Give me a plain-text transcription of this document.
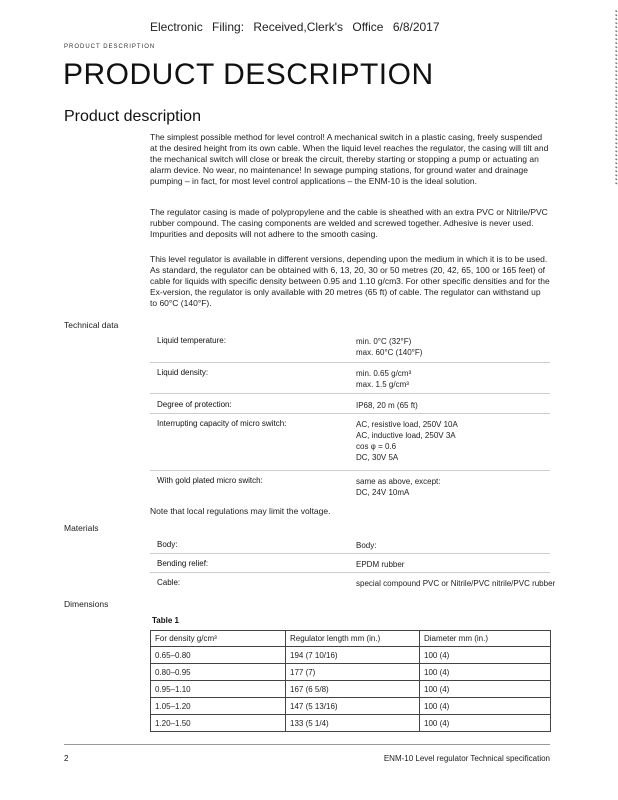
Electronic Filing: Received,Clerk's Office 6/8/2017	* * * * * * * * * * * * * * * * * * * * * * * * * * * * * * * * * * * * * * * * * * * *
PRODUCT DESCRIPTION
PRODUCT DESCRIPTION
Product description
The simplest possible method for level control! A mechanical switch in a plastic casing, freely suspended at the desired height from its own cable. When the liquid level reaches the regulator, the casing will tilt and the mechanical switch will close or break the circuit, thereby starting or stopping a pump or actuating an alarm device. No wear, no maintenance! In sewage pumping stations, for ground water and drainage pumping – in fact, for most level control applications – the ENM-10 is the ideal solution.
The regulator casing is made of polypropylene and the cable is sheathed with an extra PVC or Nitrile/PVC rubber compound. The casing components are welded and screwed together. Adhesive is never used. Impurities and deposits will not adhere to the smooth casing.
This level regulator is available in different versions, depending upon the medium in which it is to be used. As standard, the regulator can be obtained with 6, 13, 20, 30 or 50 metres (20, 42, 65, 100 or 165 feet) of cable for liquids with specific density between 0.95 and 1.10 g/cm3. For other specific densities and for the Ex-version, the regulator is only available with 20 metres (65 ft) of cable. The regulator can withstand up to 60°C (140°F).
Technical data
Liquid temperature:	min. 0°C (32°F)
max. 60°C (140°F)
Liquid density:	min. 0.65 g/cm³
max. 1.5 g/cm³
Degree of protection:	IP68, 20 m (65 ft)
Interrupting capacity of micro switch:	AC, resistive load, 250V 10A
AC, inductive load, 250V 3A
cos φ = 0.6
DC, 30V 5A
With gold plated micro switch:	same as above, except:
DC, 24V 10mA
Note that local regulations may limit the voltage.
Materials
Body:	Body:
Bending relief:	EPDM rubber
Cable:	special compound PVC or Nitrile/PVC nitrile/PVC rubber
Dimensions
Table 1
For density g/cm³	Regulator length mm (in.)	Diameter mm (in.)
0.65–0.80	194 (7 10/16)	100 (4)
0.80–0.95	177 (7)	100 (4)
0.95–1.10	167 (6 5/8)	100 (4)
1.05–1.20	147 (5 13/16)	100 (4)
1.20–1.50	133 (5 1/4)	100 (4)
2	ENM-10 Level regulator Technical specification
